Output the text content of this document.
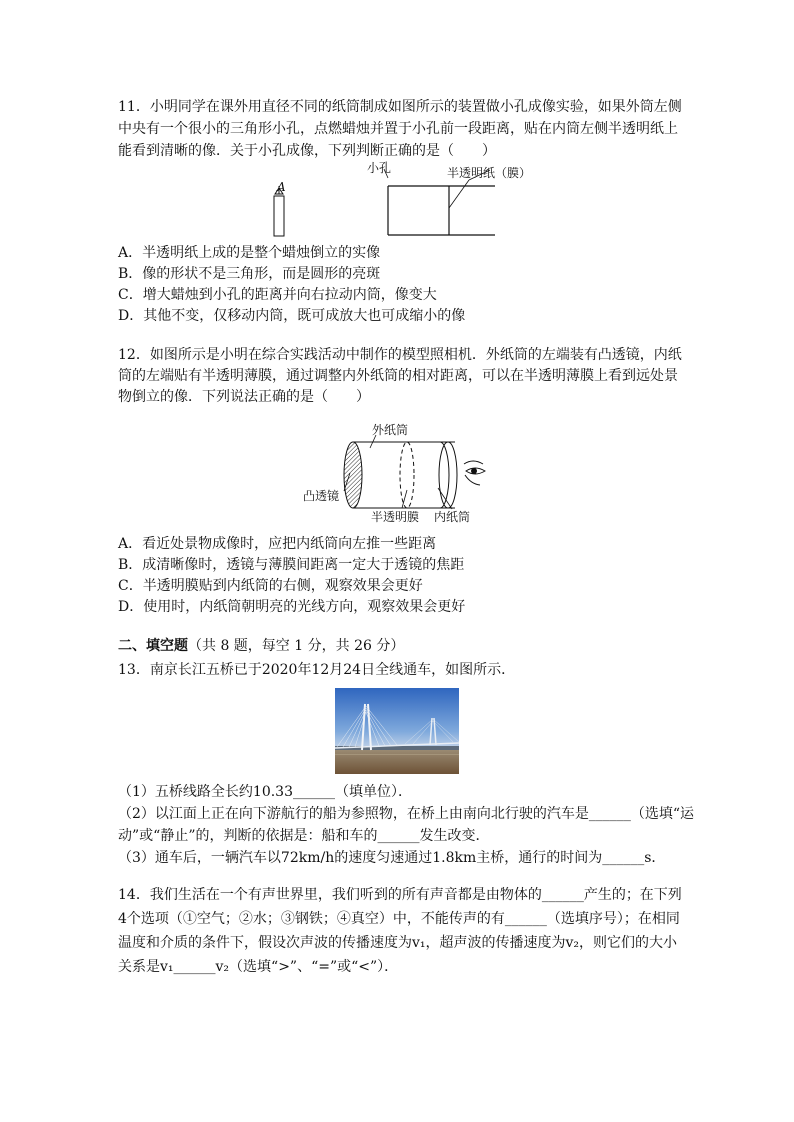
11．小明同学在课外用直径不同的纸筒制成如图所示的装置做小孔成像实验，如果外筒左侧
中央有一个很小的三角形小孔，点燃蜡烛并置于小孔前一段距离，贴在内筒左侧半透明纸上
能看到清晰的像．关于小孔成像，下列判断正确的是（　　）
A
小孔	半透明纸（膜）
A．半透明纸上成的是整个蜡烛倒立的实像
B．像的形状不是三角形，而是圆形的亮斑
C．增大蜡烛到小孔的距离并向右拉动内筒，像变大
D．其他不变，仅移动内筒，既可成放大也可成缩小的像
12．如图所示是小明在综合实践活动中制作的模型照相机．外纸筒的左端装有凸透镜，内纸
筒的左端贴有半透明薄膜，通过调整内外纸筒的相对距离，可以在半透明薄膜上看到远处景
物倒立的像．下列说法正确的是（　　）
外纸筒
凸透镜
半透明膜 内纸筒
A．看近处景物成像时，应把内纸筒向左推一些距离
B．成清晰像时，透镜与薄膜间距离一定大于透镜的焦距
C．半透明膜贴到内纸筒的右侧，观察效果会更好
D．使用时，内纸筒朝明亮的光线方向，观察效果会更好
二、填空题（共 8 题，每空 1 分，共 26 分）
13．南京长江五桥已于2020年12月24日全线通车，如图所示．
（1）五桥线路全长约10.33______（填单位）．
（2）以江面上正在向下游航行的船为参照物，在桥上由南向北行驶的汽车是______（选填“运
动”或“静止”的，判断的依据是：船和车的______发生改变．
（3）通车后，一辆汽车以72km/h的速度匀速通过1.8km主桥，通行的时间为______s．
14．我们生活在一个有声世界里，我们听到的所有声音都是由物体的______产生的；在下列
4个选项（①空气；②水；③钢铁；④真空）中，不能传声的有______（选填序号）；在相同
温度和介质的条件下，假设次声波的传播速度为v₁，超声波的传播速度为v₂，则它们的大小
关系是v₁______v₂（选填“>”、“=”或“<”）．
